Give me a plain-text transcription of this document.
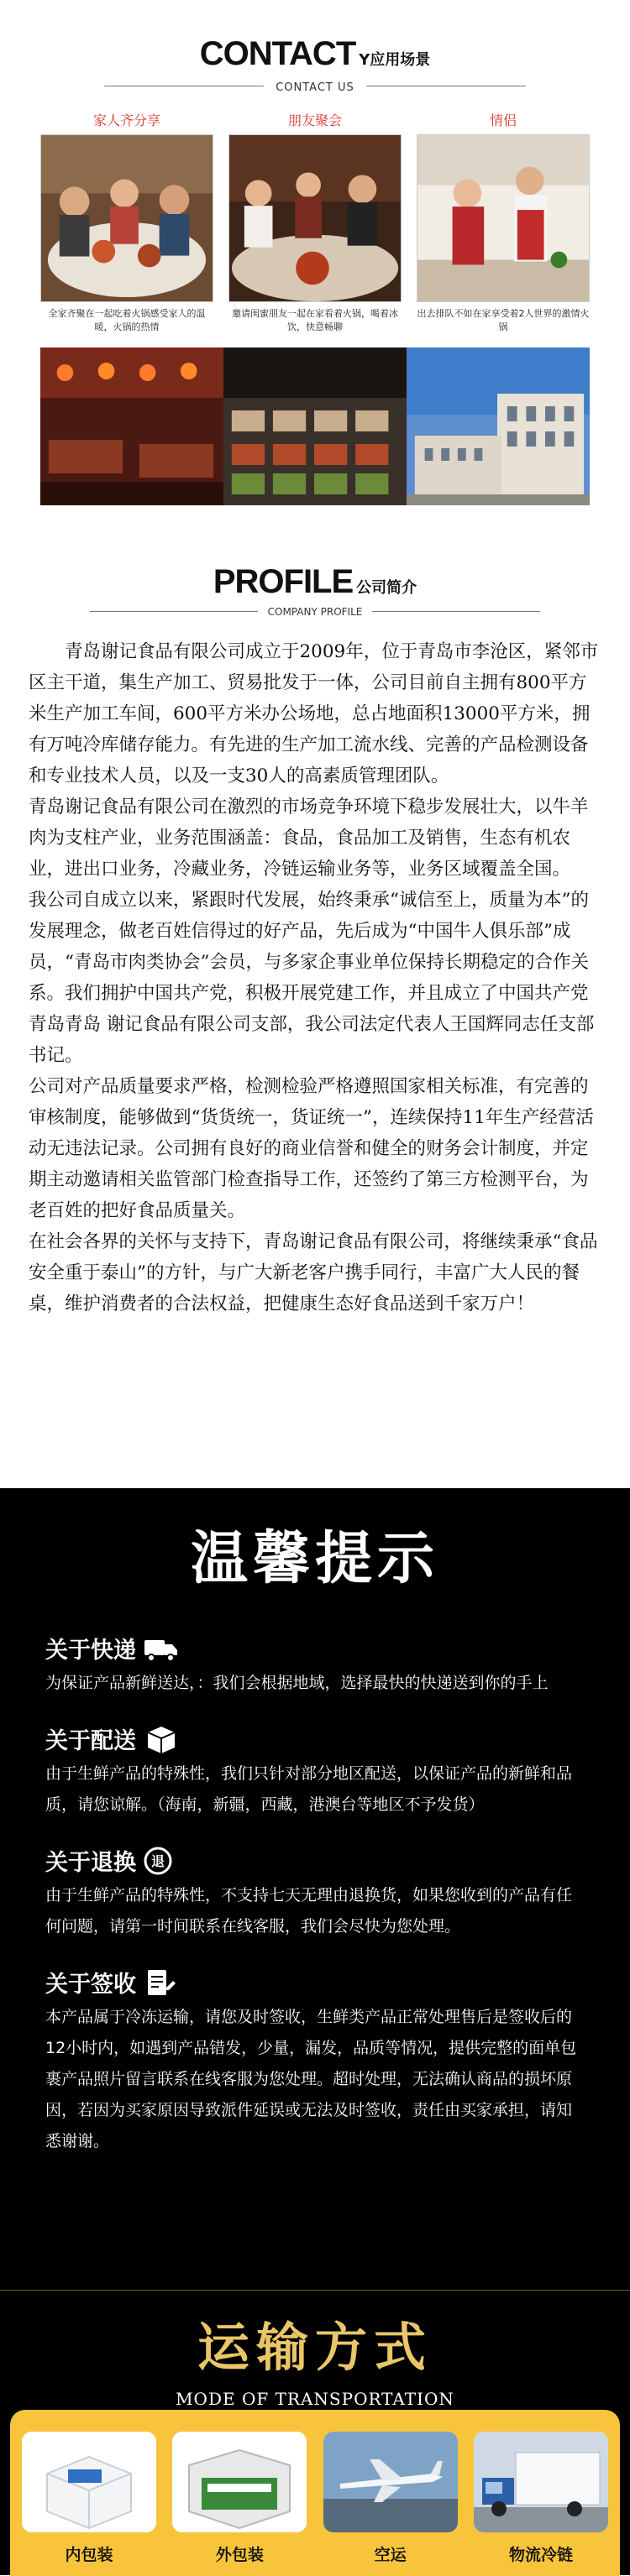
CONTACT Y应用场景
CONTACT US
家人齐分享
全家齐聚在一起吃着火锅感受家人的温暖，火锅的热情
朋友聚会
邀请闺蜜朋友一起在家看着火锅，喝着冰饮，快意畅聊
情侣
出去排队不如在家享受着2人世界的激情火锅
PROFILE 公司简介
COMPANY PROFILE

　　青岛谢记食品有限公司成立于2009年，位于青岛市李沧区，紧邻市区主干道，集生产加工、贸易批发于一体，公司目前自主拥有800平方米生产加工车间，600平方米办公场地，总占地面积13000平方米，拥有万吨冷库储存能力。有先进的生产加工流水线、完善的产品检测设备和专业技术人员，以及一支30人的高素质管理团队。

青岛谢记食品有限公司在激烈的市场竞争环境下稳步发展壮大，以牛羊肉为支柱产业，业务范围涵盖：食品，食品加工及销售，生态有机农业，进出口业务，冷藏业务，冷链运输业务等，业务区域覆盖全国。

我公司自成立以来，紧跟时代发展，始终秉承“诚信至上，质量为本”的发展理念，做老百姓信得过的好产品，先后成为“中国牛人俱乐部”成员，“青岛市肉类协会”会员，与多家企事业单位保持长期稳定的合作关系。我们拥护中国共产党，积极开展党建工作，并且成立了中国共产党青岛青岛 谢记食品有限公司支部，我公司法定代表人王国辉同志任支部书记。

公司对产品质量要求严格，检测检验严格遵照国家相关标准，有完善的审核制度，能够做到“货货统一，货证统一”，连续保持11年生产经营活动无违法记录。公司拥有良好的商业信誉和健全的财务会计制度，并定期主动邀请相关监管部门检查指导工作，还签约了第三方检测平台，为老百姓的把好食品质量关。

在社会各界的关怀与支持下，青岛谢记食品有限公司，将继续秉承“食品安全重于泰山”的方针，与广大新老客户携手同行，丰富广大人民的餐桌，维护消费者的合法权益，把健康生态好食品送到千家万户！

温馨提示
关于快递
为保证产品新鲜送达，：我们会根据地域，选择最快的快递送到你的手上
关于配送
由于生鲜产品的特殊性，我们只针对部分地区配送，以保证产品的新鲜和品质，请您谅解。（海南，新疆，西藏，港澳台等地区不予发货）
关于退换 退
由于生鲜产品的特殊性，不支持七天无理由退换货，如果您收到的产品有任何问题，请第一时间联系在线客服，我们会尽快为您处理。
关于签收
本产品属于冷冻运输，请您及时签收，生鲜类产品正常处理售后是签收后的12小时内，如遇到产品错发，少量，漏发，品质等情况，提供完整的面单包裹产品照片留言联系在线客服为您处理。超时处理，无法确认商品的损坏原因，若因为买家原因导致派件延误或无法及时签收，责任由买家承担，请知悉谢谢。
运输方式
MODE OF TRANSPORTATION
内包装	外包装	空运	物流冷链
